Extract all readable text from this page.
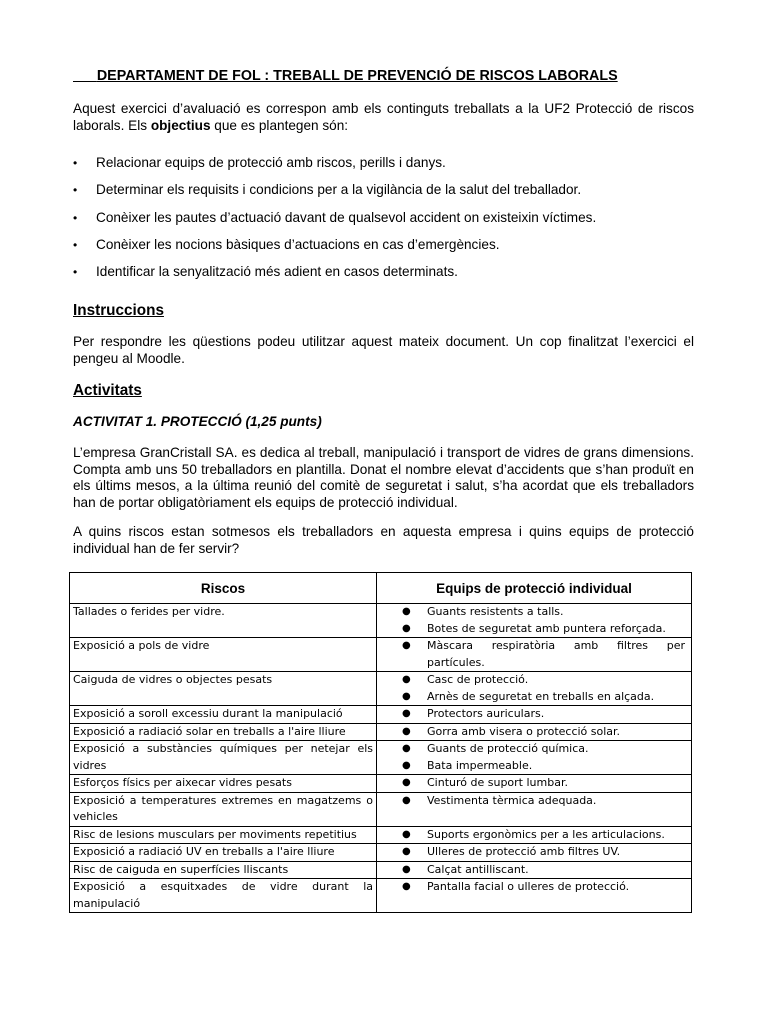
DEPARTAMENT DE FOL : TREBALL DE PREVENCIÓ DE RISCOS LABORALS
Aquest exercici d’avaluació es correspon amb els continguts treballats a la UF2 Protecció de riscos laborals. Els objectius que es plantegen són:
• Relacionar equips de protecció amb riscos, perills i danys.
• Determinar els requisits i condicions per a la vigilància de la salut del treballador.
• Conèixer les pautes d’actuació davant de qualsevol accident on existeixin víctimes.
• Conèixer les nocions bàsiques d’actuacions en cas d’emergències.
• Identificar la senyalització més adient en casos determinats.
Instruccions
Per respondre les qüestions podeu utilitzar aquest mateix document. Un cop finalitzat l’exercici el pengeu al Moodle.
Activitats
ACTIVITAT 1. PROTECCIÓ (1,25 punts)
L’empresa GranCristall SA. es dedica al treball, manipulació i transport de vidres de grans dimensions. Compta amb uns 50 treballadors en plantilla. Donat el nombre elevat d’accidents que s’han produït en els últims mesos, a la última reunió del comitè de seguretat i salut, s’ha acordat que els treballadors han de portar obligatòriament els equips de protecció individual.
A quins riscos estan sotmesos els treballadors en aquesta empresa i quins equips de protecció individual han de fer servir?
Riscos	Equips de protecció individual
Tallades o ferides per vidre.	● Guants resistents a talls.
● Botes de seguretat amb puntera reforçada.

Exposició a pols de vidre	● Màscara respiratòria amb filtres per partícules.

Caiguda de vidres o objectes pesats	● Casc de protecció.
● Arnès de seguretat en treballs en alçada.

Exposició a soroll excessiu durant la manipulació	● Protectors auriculars.

Exposició a radiació solar en treballs a l'aire lliure	● Gorra amb visera o protecció solar.

Exposició a substàncies químiques per netejar els vidres	● Guants de protecció química.
● Bata impermeable.

Esforços físics per aixecar vidres pesats	● Cinturó de suport lumbar.

Exposició a temperatures extremes en magatzems o vehicles	● Vestimenta tèrmica adequada.

Risc de lesions musculars per moviments repetitius	● Suports ergonòmics per a les articulacions.

Exposició a radiació UV en treballs a l'aire lliure	● Ulleres de protecció amb filtres UV.

Risc de caiguda en superfícies lliscants	● Calçat antilliscant.

Exposició a esquitxades de vidre durant la manipulació	● Pantalla facial o ulleres de protecció.
